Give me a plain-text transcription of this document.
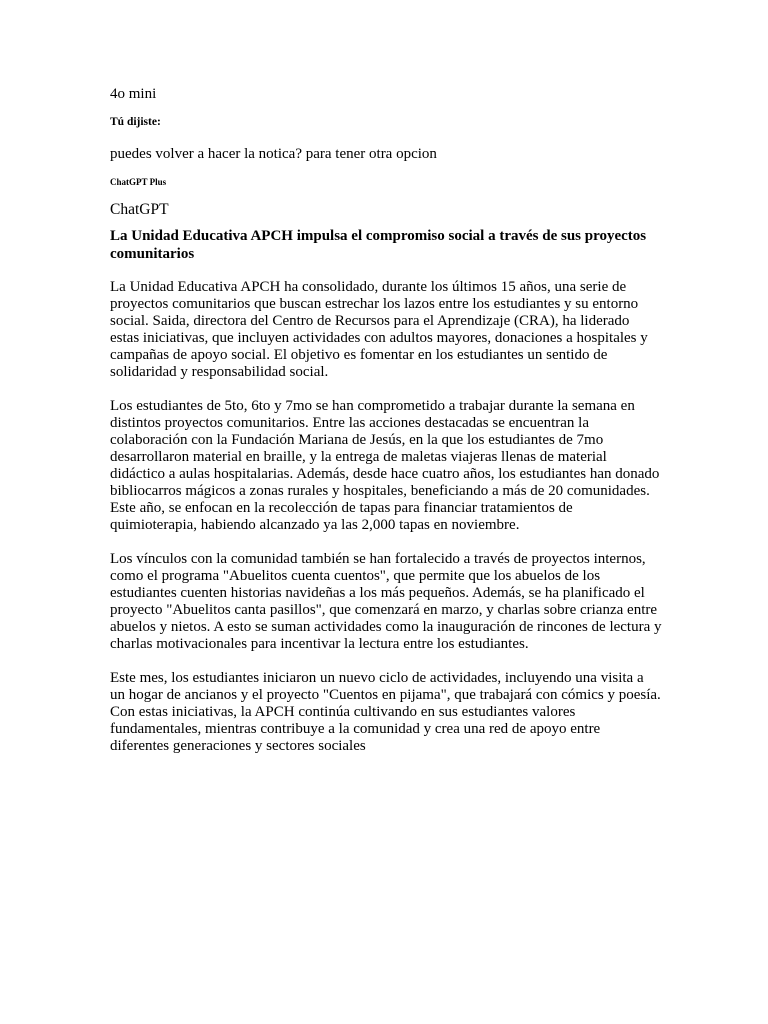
4o mini
Tú dijiste:
puedes volver a hacer la notica? para tener otra opcion
ChatGPT Plus
ChatGPT
La Unidad Educativa APCH impulsa el compromiso social a través de sus proyectos comunitarios

La Unidad Educativa APCH ha consolidado, durante los últimos 15 años, una serie de proyectos comunitarios que buscan estrechar los lazos entre los estudiantes y su entorno social. Saida, directora del Centro de Recursos para el Aprendizaje (CRA), ha liderado estas iniciativas, que incluyen actividades con adultos mayores, donaciones a hospitales y campañas de apoyo social. El objetivo es fomentar en los estudiantes un sentido de solidaridad y responsabilidad social.

Los estudiantes de 5to, 6to y 7mo se han comprometido a trabajar durante la semana en distintos proyectos comunitarios. Entre las acciones destacadas se encuentran la colaboración con la Fundación Mariana de Jesús, en la que los estudiantes de 7mo desarrollaron material en braille, y la entrega de maletas viajeras llenas de material didáctico a aulas hospitalarias. Además, desde hace cuatro años, los estudiantes han donado bibliocarros mágicos a zonas rurales y hospitales, beneficiando a más de 20 comunidades. Este año, se enfocan en la recolección de tapas para financiar tratamientos de quimioterapia, habiendo alcanzado ya las 2,000 tapas en noviembre.

Los vínculos con la comunidad también se han fortalecido a través de proyectos internos, como el programa "Abuelitos cuenta cuentos", que permite que los abuelos de los estudiantes cuenten historias navideñas a los más pequeños. Además, se ha planificado el proyecto "Abuelitos canta pasillos", que comenzará en marzo, y charlas sobre crianza entre abuelos y nietos. A esto se suman actividades como la inauguración de rincones de lectura y charlas motivacionales para incentivar la lectura entre los estudiantes.

Este mes, los estudiantes iniciaron un nuevo ciclo de actividades, incluyendo una visita a un hogar de ancianos y el proyecto "Cuentos en pijama", que trabajará con cómics y poesía. Con estas iniciativas, la APCH continúa cultivando en sus estudiantes valores fundamentales, mientras contribuye a la comunidad y crea una red de apoyo entre diferentes generaciones y sectores sociales
